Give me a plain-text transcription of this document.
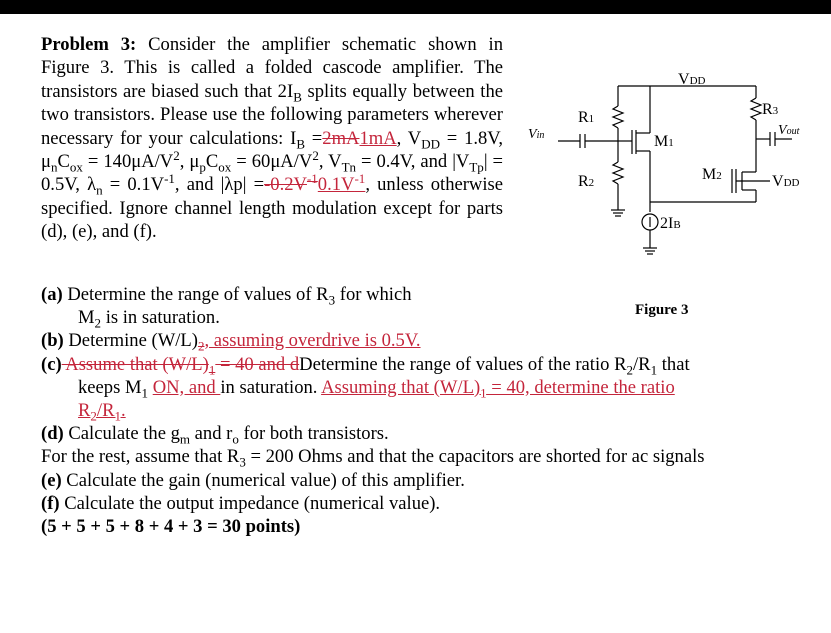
Problem 3: Consider the amplifier schematic shown in Figure 3. This is called a folded cascode amplifier. The transistors are biased such that $2I_B$ splits equally between the two transistors. Please use the following parameters wherever necessary for your calculations: $I_B =2mA1mA$, $V_{DD} = 1.8V$, $\mu_nC_{ox} = 140\mu A/V^2$, $\mu_pC_{ox} = 60\mu A/V^2$, $V_{Tn} = 0.4V$, and $|V_{Tp}| = 0.5V$, $\lambda_n = 0.1V^{-1}$, and $|\lambda p| =-0.2V^{-1}0.1V^{-1}$, unless otherwise specified. Ignore channel length modulation except for parts (d), (e), and (f).

(a) Determine the range of values of $R_3$ for which
$M_2$ is in saturation.
(b) Determine $(W/L)_2$, assuming overdrive is 0.5V.
(c) Assume that $(W/L)_1 = 40$ and dDetermine the range of values of the ratio $R_2/R_1$ that
keeps $M_1$ ON, and in saturation. Assuming that $(W/L)_1 = 40$, determine the ratio
$R_2/R_1$.
(d) Calculate the $g_m$ and $r_o$ for both transistors.
For the rest, assume that $R_3 = 200$ Ohms and that the capacitors are shorted for ac signals
(e) Calculate the gain (numerical value) of this amplifier.
(f) Calculate the output impedance (numerical value).
(5 + 5 + 5 + 8 + 4 + 3 = 30 points)
VDD
R1
R2
R3
M1
M2
Vin	Vout
VDD
2IB
Figure 3
